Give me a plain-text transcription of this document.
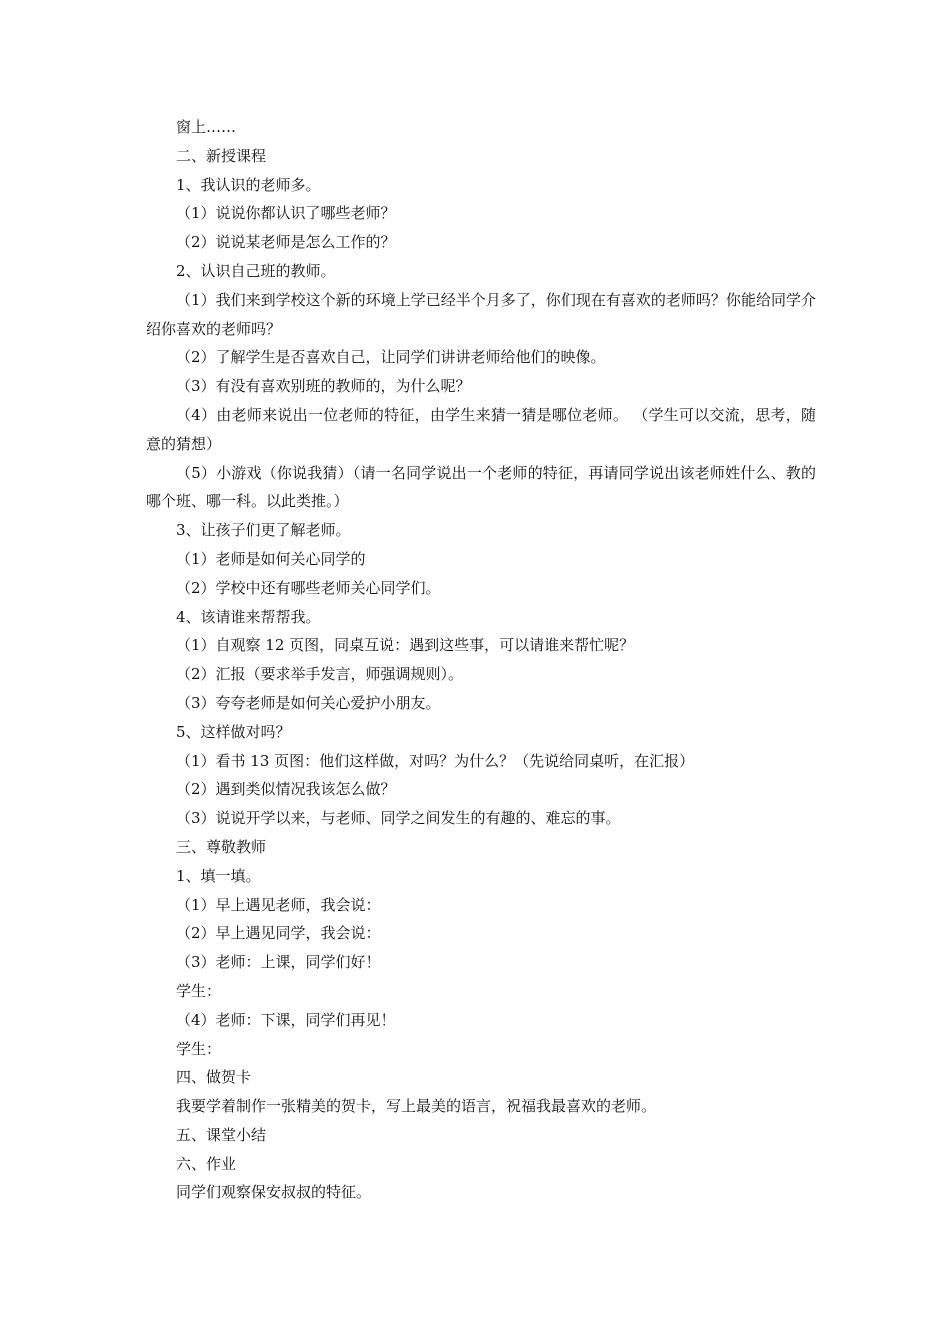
窗上……

二、新授课程

1、我认识的老师多。

（1）说说你都认识了哪些老师？

（2）说说某老师是怎么工作的？

2、认识自己班的教师。

（1）我们来到学校这个新的环境上学已经半个月多了，你们现在有喜欢的老师吗？你能给同学介绍你喜欢的老师吗？

（2）了解学生是否喜欢自己，让同学们讲讲老师给他们的映像。

（3）有没有喜欢别班的教师的，为什么呢？

（4）由老师来说出一位老师的特征，由学生来猜一猜是哪位老师。 （学生可以交流，思考，随意的猜想）

（5）小游戏（你说我猜）（请一名同学说出一个老师的特征，再请同学说出该老师姓什么、教的哪个班、哪一科。以此类推。）

3、让孩子们更了解老师。

（1）老师是如何关心同学的

（2）学校中还有哪些老师关心同学们。

4、该请谁来帮帮我。

（1）自观察 12 页图，同桌互说：遇到这些事，可以请谁来帮忙呢？

（2）汇报（要求举手发言，师强调规则）。

（3）夸夸老师是如何关心爱护小朋友。

5、这样做对吗？

（1）看书 13 页图：他们这样做，对吗？为什么？（先说给同桌听，在汇报）

（2）遇到类似情况我该怎么做？

（3）说说开学以来，与老师、同学之间发生的有趣的、难忘的事。

三、尊敬教师

1、填一填。

（1）早上遇见老师，我会说：

（2）早上遇见同学，我会说：

（3）老师：上课，同学们好！

学生：

（4）老师：下课，同学们再见！

学生：

四、做贺卡

我要学着制作一张精美的贺卡，写上最美的语言，祝福我最喜欢的老师。

五、课堂小结

六、作业

同学们观察保安叔叔的特征。
